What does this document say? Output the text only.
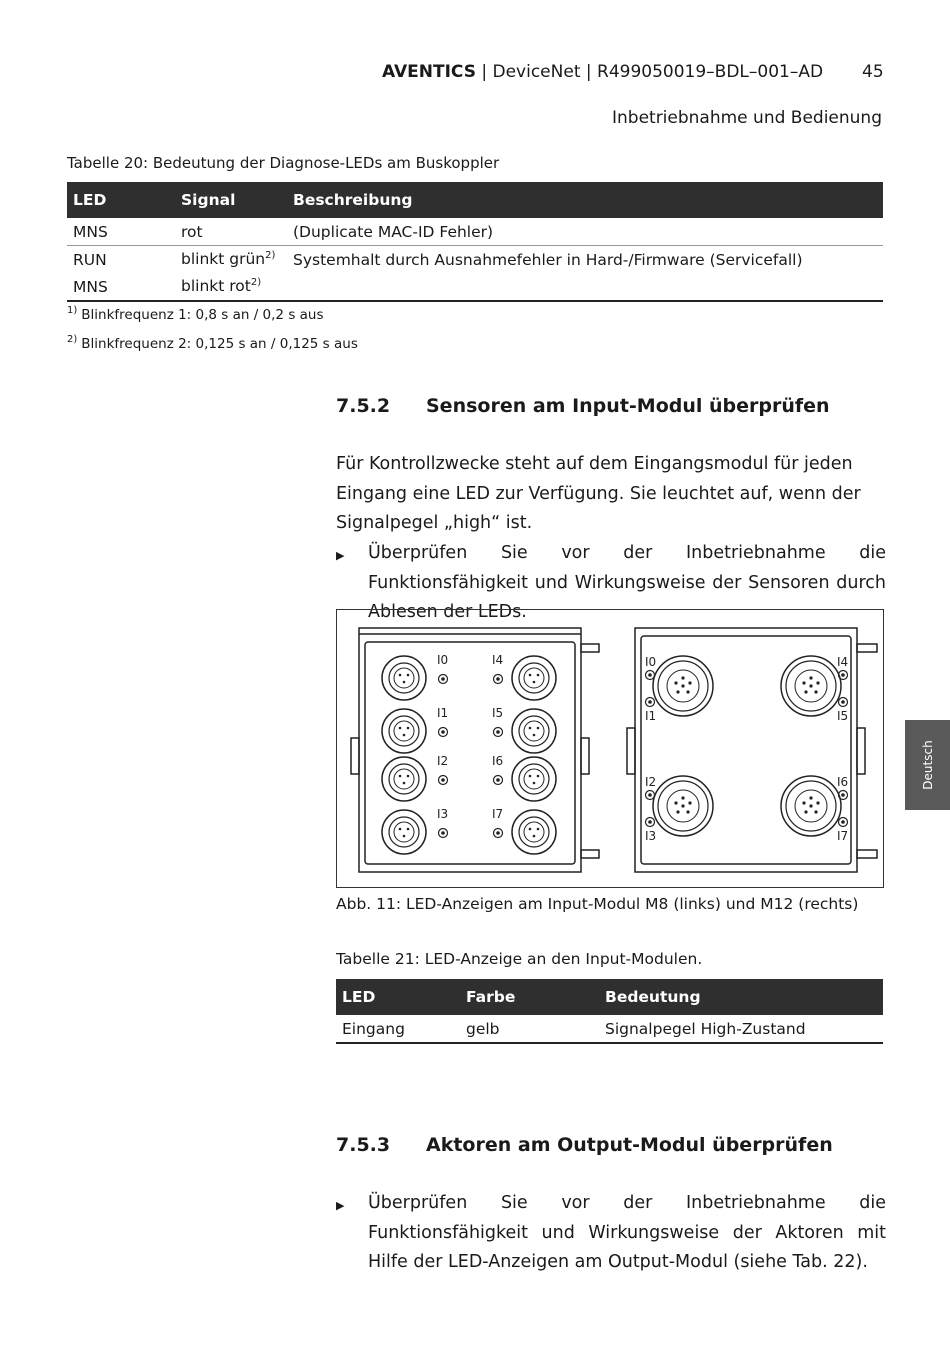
AVENTICS | DeviceNet | R499050019–BDL–001–AD 45
Inbetriebnahme und Bedienung
Tabelle 20: Bedeutung der Diagnose-LEDs am Buskoppler
LED	Signal	Beschreibung
MNS	rot	(Duplicate MAC-ID Fehler)
RUN	blinkt grün$^{2)}$	Systemhalt durch Ausnahmefehler in Hard-/Firmware (Servicefall)
MNS	blinkt rot$^{2)}$	
$^{1)}$ Blinkfrequenz 1: 0,8 s an / 0,2 s aus
$^{2)}$ Blinkfrequenz 2: 0,125 s an / 0,125 s aus
7.5.2 Sensoren am Input-Modul überprüfen
Für Kontrollzwecke steht auf dem Eingangsmodul für jeden Eingang eine LED zur Verfügung. Sie leuchtet auf, wenn der Signalpegel „high“ ist.
▶ Überprüfen Sie vor der Inbetriebnahme die Funktionsfähigkeit und Wirkungsweise der Sensoren durch Ablesen der LEDs.
I0	I4
I1	I5
I2	I6
I3	I7
I0
I1
I4
I5
I2
I3
I6
I7
Abb. 11: LED-Anzeigen am Input-Modul M8 (links) und M12 (rechts)
Tabelle 21: LED-Anzeige an den Input-Modulen.
LED	Farbe	Bedeutung
Eingang	gelb	Signalpegel High-Zustand
7.5.3 Aktoren am Output-Modul überprüfen
▶ Überprüfen Sie vor der Inbetriebnahme die Funktionsfähigkeit und Wirkungsweise der Aktoren mit Hilfe der LED-Anzeigen am Output-Modul (siehe Tab. 22).
Deutsch
